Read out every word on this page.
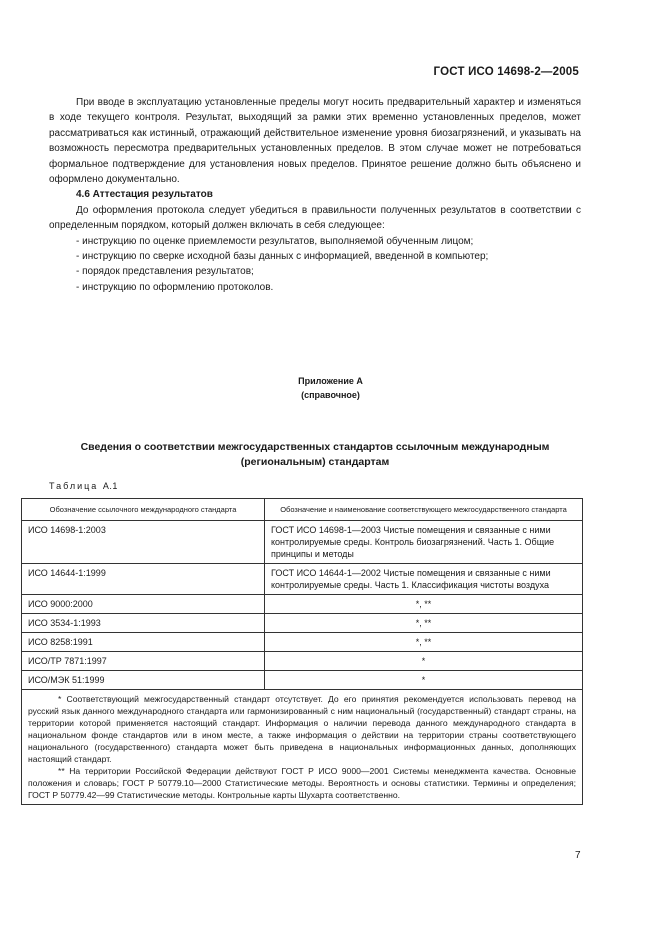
ГОСТ ИСО 14698-2—2005

При вводе в эксплуатацию установленные пределы могут носить предварительный характер и изменяться в ходе текущего контроля. Результат, выходящий за рамки этих временно установленных пределов, может рассматриваться как истинный, отражающий действительное изменение уровня биозагрязнений, и указывать на возможность пересмотра предварительных установленных пределов. В этом случае может не потребоваться формальное подтверждение для установления новых пределов. Принятое решение должно быть объяснено и оформлено документально.

4.6 Аттестация результатов

До оформления протокола следует убедиться в правильности полученных результатов в соответствии с определенным порядком, который должен включать в себя следующее:

- инструкцию по оценке приемлемости результатов, выполняемой обученным лицом;

- инструкцию по сверке исходной базы данных с информацией, введенной в компьютер;

- порядок представления результатов;

- инструкцию по оформлению протоколов.

Приложение А
(справочное)
Сведения о соответствии межгосударственных стандартов ссылочным международным (региональным) стандартам
Таблица А.1
Обозначение ссылочного международного стандарта	Обозначение и наименование соответствующего межгосударственного стандарта
ИСО 14698-1:2003	ГОСТ ИСО 14698-1—2003 Чистые помещения и связанные с ними контролируемые среды. Контроль биозагрязнений. Часть 1. Общие принципы и методы
ИСО 14644-1:1999	ГОСТ ИСО 14644-1—2002 Чистые помещения и связанные с ними контролируемые среды. Часть 1. Классификация чистоты воздуха
ИСО 9000:2000	*, **
ИСО 3534-1:1993	*, **
ИСО 8258:1991	*, **
ИСО/ТР 7871:1997	*
ИСО/МЭК 51:1999	*

* Соответствующий межгосударственный стандарт отсутствует. До его принятия рекомендуется использовать перевод на русский язык данного международного стандарта или гармонизированный с ним национальный (государственный) стандарт страны, на территории которой применяется настоящий стандарт. Информация о наличии перевода данного международного стандарта в национальном фонде стандартов или в ином месте, а также информация о действии на территории страны соответствующего национального (государственного) стандарта может быть приведена в национальных информационных данных, дополняющих настоящий стандарт.

** На территории Российской Федерации действуют ГОСТ Р ИСО 9000—2001 Системы менеджмента качества. Основные положения и словарь; ГОСТ Р 50779.10—2000 Статистические методы. Вероятность и основы статистики. Термины и определения; ГОСТ Р 50779.42—99 Статистические методы. Контрольные карты Шухарта соответственно.	

7
